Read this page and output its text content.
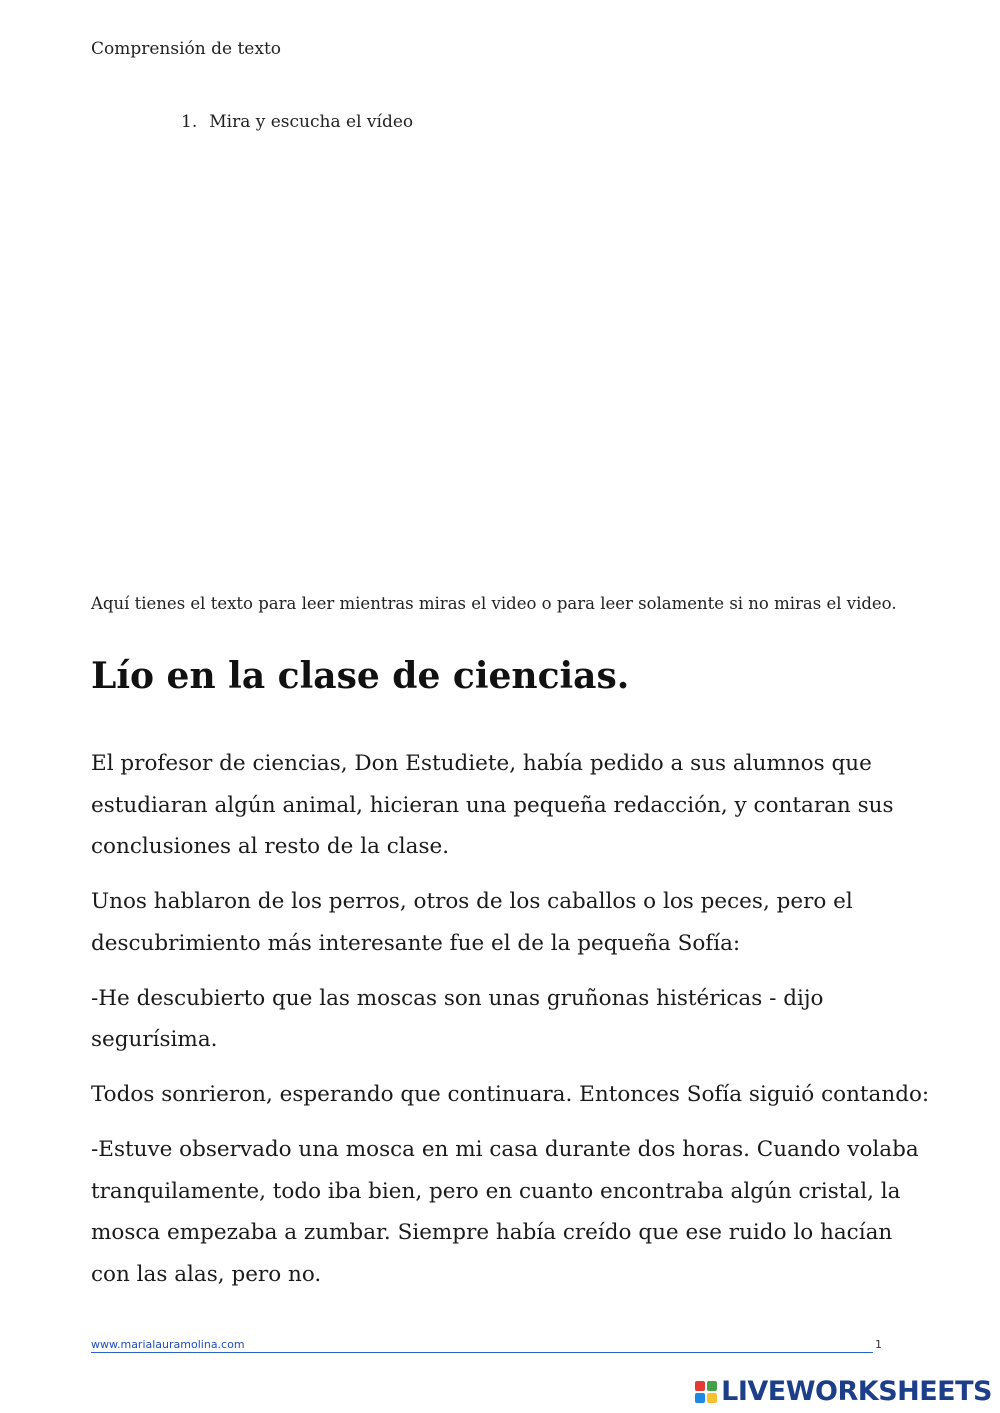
Comprensión de texto
1. Mira y escucha el vídeo
Aquí tienes el texto para leer mientras miras el video o para leer solamente si no miras el video.
Lío en la clase de ciencias.

El profesor de ciencias, Don Estudiete, había pedido a sus alumnos que estudiaran algún animal, hicieran una pequeña redacción, y contaran sus conclusiones al resto de la clase.

Unos hablaron de los perros, otros de los caballos o los peces, pero el descubrimiento más interesante fue el de la pequeña Sofía:

-He descubierto que las moscas son unas gruñonas histéricas - dijo segurísima.

Todos sonrieron, esperando que continuara. Entonces Sofía siguió contando:

-Estuve observado una mosca en mi casa durante dos horas. Cuando volaba tranquilamente, todo iba bien, pero en cuanto encontraba algún cristal, la mosca empezaba a zumbar. Siempre había creído que ese ruido lo hacían con las alas, pero no.

www.marialauramolina.com	1
LIVEWORKSHEETS
